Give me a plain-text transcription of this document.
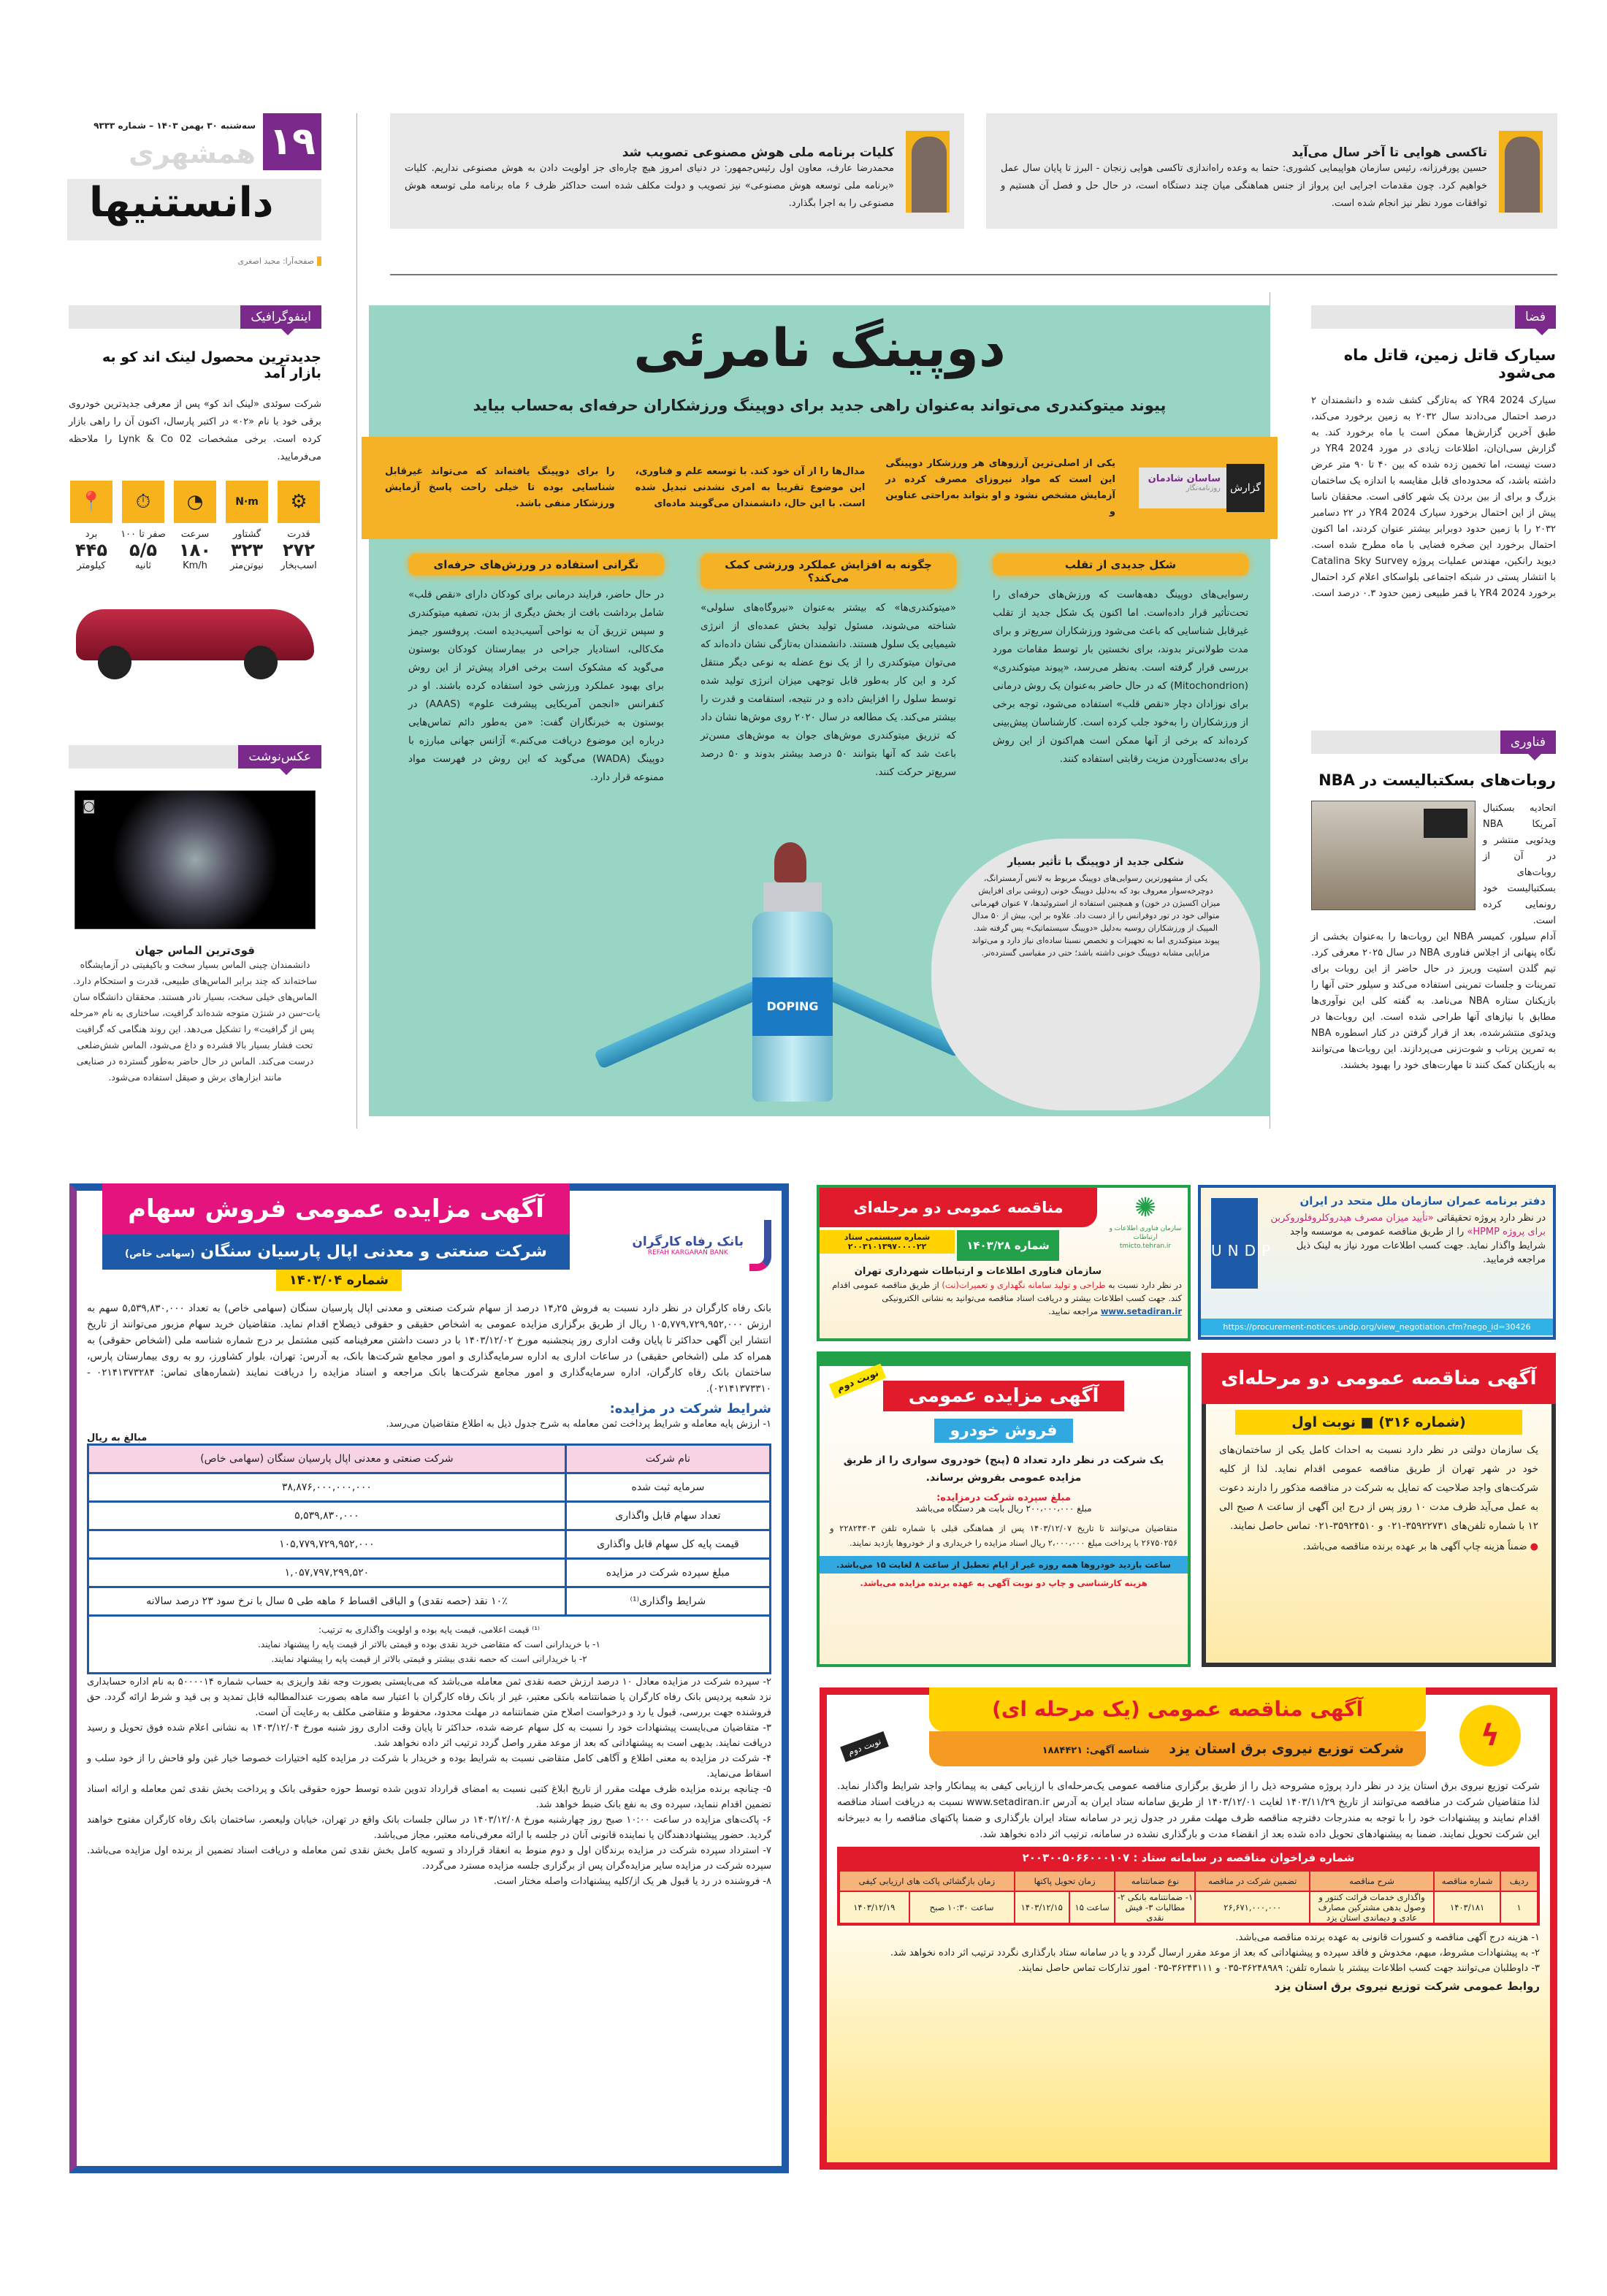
۱۹
سه‌شنبه ۳۰ بهمن ۱۴۰۳ – شماره ۹۳۳۳
همشهری
دانستنیها
صفحه‌آرا: مجید اصغری
تاکسی هوایی تا آخر سال می‌آید

حسین پورفرزانه، رئیس سازمان هواپیمایی کشوری: حتما به وعده راه‌اندازی تاکسی هوایی زنجان - البرز تا پایان سال عمل خواهیم کرد. چون مقدمات اجرایی این پرواز از جنس هماهنگی میان چند دستگاه است، در حال حل و فصل آن هستیم و توافقات مورد نظر نیز انجام شده است.

کلیات برنامه ملی هوش مصنوعی تصویب شد

محمدرضا عارف، معاون اول رئیس‌جمهور: در دنیای امروز هیچ چاره‌ای جز اولویت دادن به هوش مصنوعی نداریم. کلیات «برنامه ملی توسعه هوش مصنوعی» نیز تصویب و دولت مکلف شده است حداکثر ظرف ۶ ماه برنامه ملی توسعه هوش مصنوعی را به اجرا بگذارد.

اینفوگرافیک
جدیدترین محصول لینک اند کو به بازار آمد

شرکت سوئدی «لینک اند کو» پس از معرفی جدیدترین خودروی برقی خود با نام «۰۲» در اکتبر پارسال، اکنون آن را راهی بازار کرده است. برخی مشخصات Lynk & Co 02 را ملاحظه می‌فرمایید.

⚙
قدرت
۲۷۲
اسب‌بخار
N·m
گشتاور
۳۲۳
نیوتن‌متر
◔
سرعت
۱۸۰
Km/h
⏱
صفر تا ۱۰۰
۵/۵
ثانیه
📍
برد
۴۴۵
کیلومتر
عکس‌نوشت
◙
قوی‌ترین الماس جهان

دانشمندان چینی الماس بسیار سخت و باکیفیتی در آزمایشگاه ساخته‌اند که چند برابر الماس‌های طبیعی، قدرت و استحکام دارد. الماس‌های خیلی سخت، بسیار نادر هستند. محققان دانشگاه سان یات-سن در شنژن متوجه شده‌اند گرافیت، ساختاری به نام «مرحله پس از گرافیت» را تشکیل می‌دهد. این روند هنگامی که گرافیت تحت فشار بسیار بالا فشرده و داغ می‌شود، الماس شش‌ضلعی درست می‌کند. الماس در حال حاضر به‌طور گسترده در صنایعی مانند ابزارهای برش و صیقل استفاده می‌شود.

دوپینگ نامرئی
پیوند میتوکندری می‌تواند به‌عنوان راهی جدید برای دوپینگ ورزشکاران حرفه‌ای به‌حساب بیاید
گزارش
ساسان شادمان
روزنامه‌نگار

یکی از اصلی‌ترین آرزوهای هر ورزشکار دوپینگی این است که مواد نیروزای مصرف کرده در آزمایش مشخص نشود و او بتواند به‌راحتی عناوین و

مدال‌ها را از آن خود کند. با توسعه علم و فناوری، این موضوع تقریبا به امری نشدنی تبدیل شده است. با این حال، دانشمندان می‌گویند ماده‌ای

را برای دوپینگ یافته‌اند که می‌تواند غیرقابل شناسایی بوده تا خیلی راحت پاسخ آزمایش ورزشکار منفی باشد.

شکل جدیدی از تقلب

رسوایی‌های دوپینگ دهه‌هاست که ورزش‌های حرفه‌ای را تحت‌تأثیر قرار داده‌است. اما اکنون یک شکل جدید از تقلب غیرقابل شناسایی که باعث می‌شود ورزشکاران سریع‌تر و برای مدت طولانی‌تر بدوند، برای نخستین بار توسط مقامات مورد بررسی قرار گرفته است. به‌نظر می‌رسد، «پیوند میتوکندری» (Mitochondrion) که در حال حاضر به‌عنوان یک روش درمانی برای نوزادان دچار «نقص قلب» استفاده می‌شود، توجه برخی از ورزشکاران را به‌خود جلب کرده است. کارشناسان پیش‌بینی کرده‌اند که برخی از آنها ممکن است هم‌اکنون از این روش برای به‌دست‌آوردن مزیت رقابتی استفاده کنند.

چگونه به افزایش عملکرد ورزشی کمک می‌کند؟

«میتوکندری‌ها» که بیشتر به‌عنوان «نیروگاه‌های سلولی» شناخته می‌شوند، مسئول تولید بخش عمده‌ای از انرژی شیمیایی یک سلول هستند. دانشمندان به‌تازگی نشان داده‌اند که می‌توان میتوکندری را از یک نوع عضله به نوعی دیگر منتقل کرد و این کار به‌طور قابل توجهی میزان انرژی تولید شده توسط سلول را افزایش داده و در نتیجه، استقامت و قدرت را بیشتر می‌کند. یک مطالعه در سال ۲۰۲۰ روی موش‌ها نشان داد که تزریق میتوکندری موش‌های جوان به موش‌های مسن‌تر باعث شد که آنها بتوانند ۵۰ درصد بیشتر بدوند و ۵۰ درصد سریع‌تر حرکت کنند.

نگرانی استفاده در ورزش‌های حرفه‌ای

در حال حاضر، فرایند درمانی برای کودکان دارای «نقص قلب» شامل برداشت بافت از بخش دیگری از بدن، تصفیه میتوکندری و سپس تزریق آن به نواحی آسیب‌دیده است. پروفسور جیمز مک‌کالی، استادیار جراحی در بیمارستان کودکان بوستون می‌گوید که مشکوک است برخی افراد پیش‌تر از این روش برای بهبود عملکرد ورزشی خود استفاده کرده باشند. او در کنفرانس «انجمن آمریکایی پیشرفت علوم» (AAAS) در بوستون به خبرنگاران گفت: «من به‌طور دائم تماس‌هایی درباره این موضوع دریافت می‌کنم.» آژانس جهانی مبارزه با دوپینگ (WADA) می‌گوید که این روش در فهرست مواد ممنوعه قرار دارد.

DOPING
شکلی جدید از دوپینگ با تأثیر بسیار
یکی از مشهورترین رسوایی‌های دوپینگ مربوط به لانس آرمسترانگ، دوچرخه‌سوار معروف بود که به‌دلیل دوپینگ خونی (روشی برای افزایش میزان اکسیژن در خون) و همچنین استفاده از استروئیدها، ۷ عنوان قهرمانی متوالی خود در تور دوفرانس را از دست داد. علاوه بر این، بیش از ۵۰ مدال المپیک از ورزشکاران روسیه به‌دلیل «دوپینگ سیستماتیک» پس گرفته شد. پیوند میتوکندری اما به تجهیزات و تخصص نسبتا ساده‌ای نیاز دارد و می‌تواند مزایایی مشابه دوپینگ خونی داشته باشد؛ حتی در مقیاسی گسترده‌تر.
فضا
سیارک قاتل زمین، قاتل ماه می‌شود

سیارک 2024 YR4 که به‌تازگی کشف شده و دانشمندان ۲ درصد احتمال می‌دادند سال ۲۰۳۲ به زمین برخورد می‌کند، طبق آخرین گزارش‌ها ممکن است با ماه برخورد کند. به گزارش سی‌ان‌ان، اطلاعات زیادی در مورد 2024 YR4 در دست نیست، اما تخمین زده شده که بین ۴۰ تا ۹۰ متر عرض داشته باشد، که محدوده‌ای قابل مقایسه با اندازه یک ساختمان بزرگ و برای از بین بردن یک شهر کافی است. محققان ناسا پیش از این احتمال برخورد سیارک 2024 YR4 در ۲۲ دسامبر ۲۰۳۲ را با زمین حدود دوبرابر بیشتر عنوان کردند، اما اکنون احتمال برخورد این صخره فضایی با ماه مطرح شده است. دیوید رانکین، مهندس عملیات پروژه Catalina Sky Survey با انتشار پستی در شبکه اجتماعی بلواسکای اعلام کرد احتمال برخورد 2024 YR4 با قمر طبیعی زمین حدود ۰.۳ درصد است.

فناوری
روبات‌های بسکتبالیست در NBA

اتحادیه بسکتبال آمریکا NBA ویدئویی منتشر و در آن از روبات‌های بسکتبالیست خود رونمایی کرده است.

آدام سیلور، کمیسر NBA این روبات‌ها را به‌عنوان بخشی از نگاه پنهانی از اجلاس فناوری NBA در سال ۲۰۲۵ معرفی کرد. تیم گلدن استیت وریرز در حال حاضر از این روبات برای تمرینات و جلسات تمرینی استفاده می‌کند و سیلور حتی آنها را بازیکنان ستاره NBA می‌نامد. به گفته کلی این نوآوری‌ها مطابق با نیازهای آنها طراحی شده است. این روبات‌ها در ویدئوی منتشرشده، بعد از قرار گرفتن در کنار اسطوره NBA به تمرین پرتاب و شوت‌زنی می‌پردازند. این روبات‌ها می‌توانند به بازیکنان کمک کنند تا مهارت‌های خود را بهبود بخشند.

آگهی مزایده عمومی فروش سهام
شرکت صنعتی و معدنی اپال پارسیان سنگان (سهامی خاص)
شماره ۱۴۰۳/۰۴
بانک رفاه کارگران
REFAH KARGARAN BANK

بانک رفاه کارگران در نظر دارد نسبت به فروش ۱۴٫۲۵ درصد از سهام شرکت صنعتی و معدنی اپال پارسیان سنگان (سهامی خاص) به تعداد ۵,۵۳۹,۸۳۰,۰۰۰ سهم به ارزش ۱۰۵,۷۷۹,۷۲۹,۹۵۲,۰۰۰ ریال از طریق برگزاری مزایده عمومی به اشخاص حقیقی و حقوقی ذیصلاح اقدام نماید. متقاضیان خرید سهام مزبور می‌توانند از تاریخ انتشار این آگهی حداکثر تا پایان وقت اداری روز پنجشنبه مورخ ۱۴۰۳/۱۲/۰۲ با در دست داشتن معرفینامه کتبی مشتمل بر درج شماره شناسه ملی (اشخاص حقوقی) به همراه کد ملی (اشخاص حقیقی) در ساعات اداری به اداره سرمایه‌گذاری و امور مجامع شرکت‌ها بانک، به آدرس: تهران، بلوار کشاورز، رو به روی بیمارستان پارس، ساختمان بانک رفاه کارگران، اداره سرمایه‌گذاری و امور مجامع شرکت‌ها بانک مراجعه و اسناد مزایده را دریافت نمایند (شماره‌های تماس: ۰۲۱۴۱۳۷۳۲۸۴ - ۰۲۱۴۱۳۷۳۳۱۰).

شرایط شرکت در مزایده:

۱- ارزش پایه معامله و شرایط پرداخت ثمن معامله به شرح جدول ذیل به اطلاع متقاضیان می‌رسد.

مبالغ به ریال
نام شرکت	شرکت صنعتی و معدنی اپال پارسیان سنگان (سهامی خاص)
سرمایه ثبت شده	۳۸,۸۷۶,۰۰۰,۰۰۰,۰۰۰
تعداد سهام قابل واگذاری	۵,۵۳۹,۸۳۰,۰۰۰
قیمت پایه کل سهام قابل واگذاری	۱۰۵,۷۷۹,۷۲۹,۹۵۲,۰۰۰
مبلغ سپرده شرکت در مزایده	۱,۰۵۷,۷۹۷,۲۹۹,۵۲۰
شرایط واگذاری⁽¹⁾	۱۰٪ نقد (حصه نقدی) و الباقی اقساط ۶ ماهه طی ۵ سال با نرخ سود ۲۳ درصد سالانه

⁽¹⁾ قیمت اعلامی، قیمت پایه بوده و اولویت واگذاری به ترتیب:
۱- با خریدارانی است که متقاضی خرید نقدی بوده و قیمتی بالاتر از قیمت پایه را پیشنهاد نمایند.
۲- با خریدارانی است که حصه نقدی بیشتر و قیمتی بالاتر از قیمت پایه را پیشنهاد نمایند.	
۲- سپرده شرکت در مزایده معادل ۱۰ درصد ارزش حصه نقدی ثمن معامله می‌باشد که می‌بایستی بصورت وجه نقد واریزی به حساب شماره ۵۰۰۰۰۱۴ به نام اداره حسابداری نزد شعبه پردیس بانک رفاه کارگران یا ضمانتنامه بانکی معتبر، غیر از بانک رفاه کارگران با اعتبار سه ماهه بصورت عندالمطالبه قابل تمدید و بی قید و شرط ارائه گردد. حق فروشنده جهت بررسی، قبول یا رد و درخواست اصلاح متن ضمانتنامه در مهلت محدود، محفوظ و متقاضی مکلف به رعایت آن است.
۳- متقاضیان می‌بایست پیشنهادات خود را نسبت به کل سهام عرضه شده، حداکثر تا پایان وقت اداری روز شنبه مورخ ۱۴۰۳/۱۲/۰۴ به نشانی اعلام شده فوق تحویل و رسید دریافت نمایند. بدیهی است به پیشنهاداتی که بعد از موعد مقرر واصل گردد ترتیب اثر داده نخواهد شد.
۴- شرکت در مزایده به معنی اطلاع و آگاهی کامل متقاضی نسبت به شرایط بوده و خریدار با شرکت در مزایده کلیه اختیارات خصوصا خیار غبن ولو فاحش را از خود سلب و اسقاط می‌نماید.
۵- چنانچه برنده مزایده ظرف مهلت مقرر از تاریخ ابلاغ کتبی نسبت به امضای قرارداد تدوین شده توسط حوزه حقوقی بانک و پرداخت بخش نقدی ثمن معامله و ارائه اسناد تضمین اقدام ننماید، سپرده وی به نفع بانک ضبط خواهد شد.
۶- پاکت‌های مزایده در ساعت ۱۰:۰۰ صبح روز چهارشنبه مورخ ۱۴۰۳/۱۲/۰۸ در سالن جلسات بانک واقع در تهران، خیابان ولیعصر، ساختمان بانک رفاه کارگران مفتوح خواهند گردید. حضور پیشنهاددهندگان یا نماینده قانونی آنان در جلسه با ارائه معرفی‌نامه معتبر، مجاز می‌باشد.
۷- استرداد سپرده شرکت در مزایده برندگان اول و دوم منوط به انعقاد قرارداد و تسویه کامل بخش نقدی ثمن معامله و دریافت اسناد تضمین از برنده اول مزایده می‌باشد. سپرده شرکت در مزایده سایر مزایده‌گران پس از برگزاری جلسه مزایده مسترد می‌گردد.
۸- فروشنده در رد یا قبول هر یک از/کلیه پیشنهادات واصله مختار است.
UNDP
دفتر برنامه عمران سازمان ملل متحد در ایران
در نظر دارد پروژه تحقیقاتی «تأیید میزان مصرف هیدروکلروفلوروکربن برای پروژه HPMP» را از طریق مناقصه عمومی به موسسه واجد شرایط واگذار نماید. جهت کسب اطلاعات مورد نیاز به لینک ذیل مراجعه فرمایید.
https://procurement-notices.undp.org/view_negotiation.cfm?nego_id=30426
مناقصه عمومی دو مرحله‌ای
شماره سیستمی ستاد
۲۰۰۳۱۰۱۳۹۷۰۰۰۰۲۲	شماره ۱۴۰۳/۲۸
✺
سازمان فناوری اطلاعات و ارتباطات
tmicto.tehran.ir
سازمان فناوری اطلاعات و ارتباطات شهرداری تهران
در نظر دارد نسبت به طراحی و تولید سامانه نگهداری و تعمیرات(نت) از طریق مناقصه عمومی اقدام کند. جهت کسب اطلاعات بیشتر و دریافت اسناد مناقصه می‌توانید به نشانی الکترونیکی www.setadiran.ir مراجعه نمایید.
نوبت دوم
آگهی مزایده عمومی
فروش خودرو
یک شرکت در نظر دارد تعداد ۵ (پنج) خودروی سواری را از طریق مزایده عمومی بفروش برساند.
مبلغ سپرده شرکت درمزایده:
مبلغ ۲۰۰،۰۰۰،۰۰۰ ریال بابت هر دستگاه می‌باشد
متقاضیان می‌توانند تا تاریخ ۱۴۰۳/۱۲/۰۷ پس از هماهنگی قبلی با شماره تلفن ۲۲۸۲۴۳۰۳ و ۲۶۷۵۰۲۵۶ با پرداخت مبلغ ۲،۰۰۰،۰۰۰ ریال اسناد مزایده را خریداری و از خودروها بازدید نمایند.
ساعت بازدید خودروها همه روزه غیر از ایام تعطیل از ساعت ۸ لغایت ۱۵ می‌باشد.
هزینه کارشناسی و چاپ دو نوبت آگهی به عهده برنده مزایده می‌باشد.
آگهی مناقصه عمومی دو مرحله‌ای
(شماره ۳۱۶) ■ نوبت اول
یک سازمان دولتی در نظر دارد نسبت به احداث کامل یکی از ساختمان‌های خود در شهر تهران از طریق مناقصه عمومی اقدام نماید. لذا از کلیه شرکت‌های واجد صلاحیت که تمایل به شرکت در مناقصه مذکور را دارند دعوت به عمل می‌آید ظرف مدت ۱۰ روز پس از درج این آگهی از ساعت ۸ صبح الی ۱۲ با شماره تلفن‌های ۳۵۹۲۲۷۳۱-۰۲۱ و ۳۵۹۲۴۵۱۰-۰۲۱ تماس حاصل نمایند.
● ضمناً هزینه چاپ آگهی ها بر عهده برنده مناقصه می‌باشد.
آگهی مناقصه عمومی (یک مرحله ای)
شرکت توزیع نیروی برق استان یزد    شناسه آگهی: ۱۸۸۴۴۲۱
نوبت دوم	ϟ
شرکت توزیع نیروی برق استان یزد در نظر دارد پروژه مشروحه ذیل را از طریق برگزاری مناقصه عمومی یک‌مرحله‌ای با ارزیابی کیفی به پیمانکار واجد شرایط واگذار نماید. لذا متقاضیان شرکت در مناقصه می‌توانند از تاریخ ۱۴۰۳/۱۱/۲۹ لغایت ۱۴۰۳/۱۲/۰۱ از طریق سامانه ستاد ایران به آدرس www.setadiran.ir نسبت به دریافت اسناد مناقصه اقدام نمایند و پیشنهادات خود را با توجه به مندرجات دفترچه مناقصه ظرف مهلت مقرر در جدول زیر در سامانه ستاد ایران بارگذاری و ضمنا پاکتهای مناقصه را به دبیرخانه این شرکت تحویل نمایند. ضمنا به پیشنهادهای تحویل داده شده بعد از انقضاء مدت و بارگذاری نشده در سامانه، ترتیب اثر داده نخواهد شد.
شماره فراخوان مناقصه در سامانه ستاد : ۲۰۰۳۰۰۵۰۶۶۰۰۰۱۰۷
ردیف	شماره مناقصه	شرح مناقصه	تضمین شرکت در مناقصه	نوع ضمانتنامه	زمان تحویل پاکتها		زمان بازگشائی پاکت های ارزیابی کیفی	
۱	۱۴۰۳/۱۸۱	واگذاری خدمات قرائت کنتور و وصول بدهی مشترکین مصارف عادی و دیماندی استان یزد	۲۶,۶۷۱,۰۰۰,۰۰۰	۱- ضمانتنامه بانکی ۲- مطالبات ۳- فیش نقدی	ساعت ۱۵	۱۴۰۳/۱۲/۱۵	ساعت ۱۰:۳۰ صبح	۱۴۰۳/۱۲/۱۹
۱- هزینه درج آگهی مناقصه و کسورات قانونی به عهده برنده مناقصه می‌باشد.
۲- به پیشنهادات مشروط، مبهم، مخدوش و فاقد سپرده و پیشنهاداتی که بعد از موعد مقرر ارسال گردد و یا در سامانه ستاد بارگذاری نگردد ترتیب اثر داده نخواهد شد.
۳- داوطلبان می‌توانند جهت کسب اطلاعات بیشتر با شماره تلفن: ۳۶۲۴۸۹۸۹-۰۳۵ و ۳۶۲۴۳۱۱۱-۰۳۵ امور تدارکات تماس حاصل نمایند.
روابط عمومی شرکت توزیع نیروی برق استان یزد
